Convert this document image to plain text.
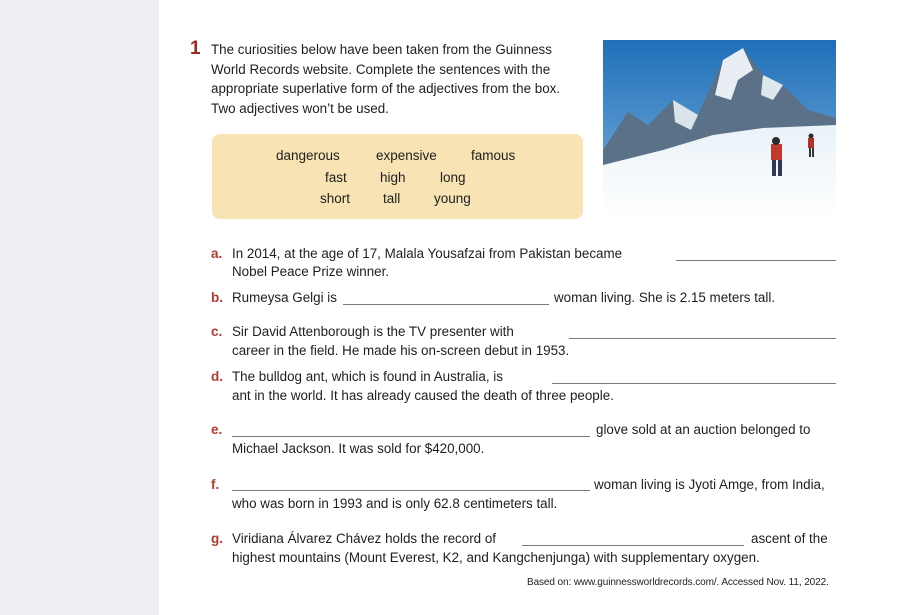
1 The curiosities below have been taken from the Guinness
World Records website. Complete the sentences with the
appropriate superlative form of the adjectives from the box.
Two adjectives won’t be used.
dangerous	expensive	famous
fast high	long
short tall young
a. In 2014, at the age of 17, Malala Yousafzai from Pakistan became
Nobel Peace Prize winner.
b. Rumeysa Gelgi is	woman living. She is 2.15 meters tall.
c. Sir David Attenborough is the TV presenter with
career in the field. He made his on-screen debut in 1953.
d. The bulldog ant, which is found in Australia, is
ant in the world. It has already caused the death of three people.
e.	glove sold at an auction belonged to
Michael Jackson. It was sold for $420,000.
f.	woman living is Jyoti Amge, from India,
who was born in 1993 and is only 62.8 centimeters tall.
g. Viridiana Álvarez Chávez holds the record of	ascent of the
highest mountains (Mount Everest, K2, and Kangchenjunga) with supplementary oxygen.
Based on: www.guinnessworldrecords.com/. Accessed Nov. 11, 2022.
